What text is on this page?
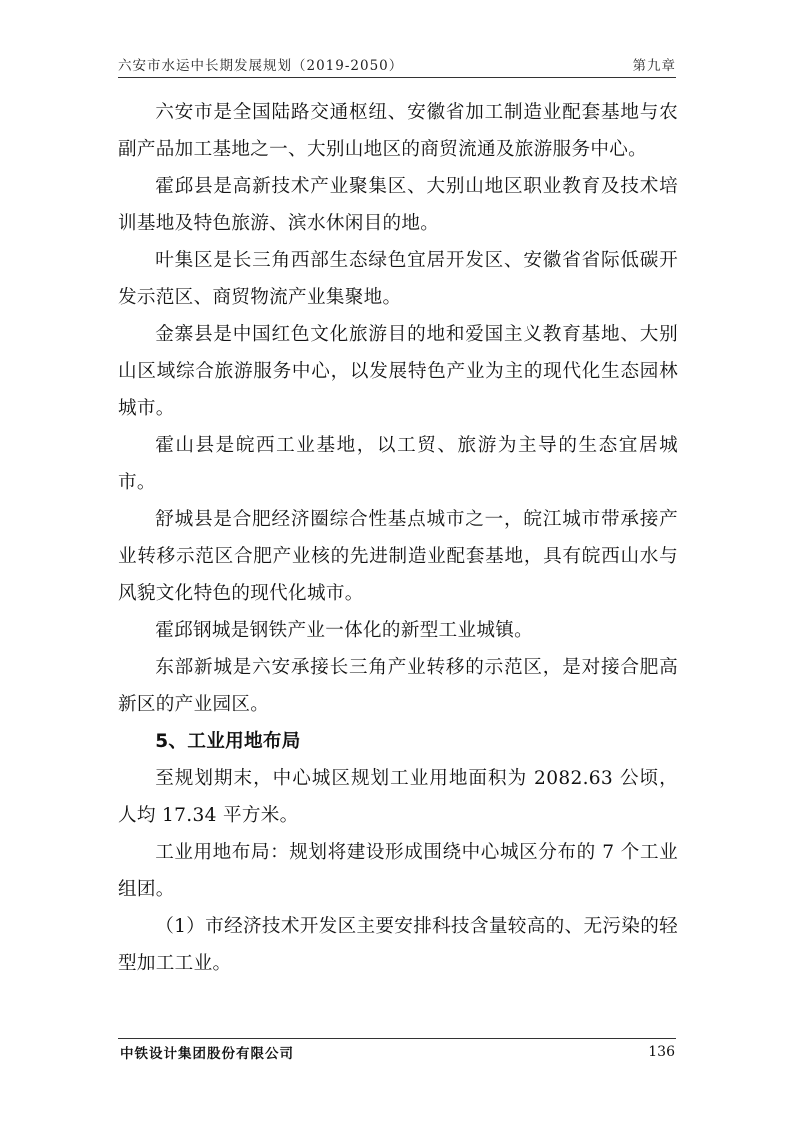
六安市水运中长期发展规划（2019-2050）	第九章

六安市是全国陆路交通枢纽、安徽省加工制造业配套基地与农副产品加工基地之一、大别山地区的商贸流通及旅游服务中心。

霍邱县是高新技术产业聚集区、大别山地区职业教育及技术培训基地及特色旅游、滨水休闲目的地。

叶集区是长三角西部生态绿色宜居开发区、安徽省省际低碳开发示范区、商贸物流产业集聚地。

金寨县是中国红色文化旅游目的地和爱国主义教育基地、大别山区域综合旅游服务中心，以发展特色产业为主的现代化生态园林城市。

霍山县是皖西工业基地，以工贸、旅游为主导的生态宜居城市。

舒城县是合肥经济圈综合性基点城市之一，皖江城市带承接产业转移示范区合肥产业核的先进制造业配套基地，具有皖西山水与风貌文化特色的现代化城市。

霍邱钢城是钢铁产业一体化的新型工业城镇。

东部新城是六安承接长三角产业转移的示范区，是对接合肥高新区的产业园区。

5、工业用地布局

至规划期末，中心城区规划工业用地面积为 2082.63 公顷，人均 17.34 平方米。

工业用地布局：规划将建设形成围绕中心城区分布的 7 个工业组团。

（1）市经济技术开发区主要安排科技含量较高的、无污染的轻型加工工业。

中铁设计集团股份有限公司	136
